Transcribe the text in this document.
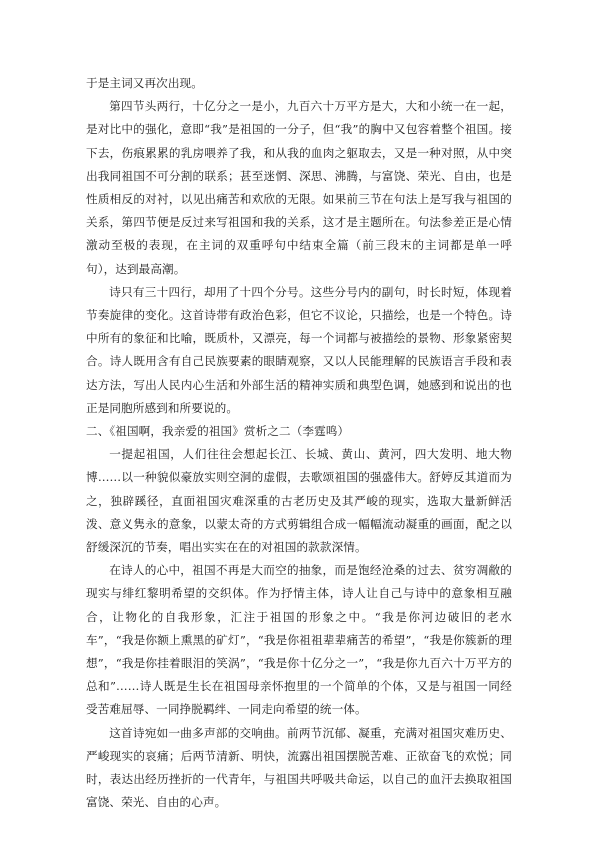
于是主词又再次出现。

第四节头两行，十亿分之一是小，九百六十万平方是大，大和小统一在一起，是对比中的强化，意即“我”是祖国的一分子，但“我”的胸中又包容着整个祖国。接下去，伤痕累累的乳房喂养了我，和从我的血肉之躯取去，又是一种对照，从中突出我同祖国不可分割的联系；甚至迷惘、深思、沸腾，与富饶、荣光、自由，也是性质相反的对衬，以见出痛苦和欢欣的无限。如果前三节在句法上是写我与祖国的关系，第四节便是反过来写祖国和我的关系，这才是主题所在。句法参差正是心情激动至极的表现，在主词的双重呼句中结束全篇（前三段末的主词都是单一呼句），达到最高潮。

诗只有三十四行，却用了十四个分号。这些分号内的副句，时长时短，体现着节奏旋律的变化。这首诗带有政治色彩，但它不议论，只描绘，也是一个特色。诗中所有的象征和比喻，既质朴，又漂亮，每一个词都与被描绘的景物、形象紧密契合。诗人既用含有自己民族要素的眼睛观察，又以人民能理解的民族语言手段和表达方法，写出人民内心生活和外部生活的精神实质和典型色调，她感到和说出的也正是同胞所感到和所要说的。

二、《祖国啊，我亲爱的祖国》赏析之二（李霆鸣）

一提起祖国，人们往往会想起长江、长城、黄山、黄河，四大发明、地大物博……以一种貌似豪放实则空洞的虚假，去歌颂祖国的强盛伟大。舒婷反其道而为之，独辟蹊径，直面祖国灾难深重的古老历史及其严峻的现实，选取大量新鲜活泼、意义隽永的意象，以蒙太奇的方式剪辑组合成一幅幅流动凝重的画面，配之以舒缓深沉的节奏，唱出实实在在的对祖国的款款深情。

在诗人的心中，祖国不再是大而空的抽象，而是饱经沧桑的过去、贫穷凋敝的现实与绯红黎明希望的交织体。作为抒情主体，诗人让自己与诗中的意象相互融合，让物化的自我形象，汇注于祖国的形象之中。“我是你河边破旧的老水车”，“我是你额上熏黑的矿灯”，“我是你祖祖辈辈痛苦的希望”，“我是你簇新的理想”，“我是你挂着眼泪的笑涡”，“我是你十亿分之一”，“我是你九百六十万平方的总和”……诗人既是生长在祖国母亲怀抱里的一个简单的个体，又是与祖国一同经受苦难屈辱、一同挣脱羁绊、一同走向希望的统一体。

这首诗宛如一曲多声部的交响曲。前两节沉郁、凝重，充满对祖国灾难历史、严峻现实的哀痛；后两节清新、明快，流露出祖国摆脱苦难、正欲奋飞的欢悦；同时，表达出经历挫折的一代青年，与祖国共呼吸共命运，以自己的血汗去换取祖国富饶、荣光、自由的心声。
